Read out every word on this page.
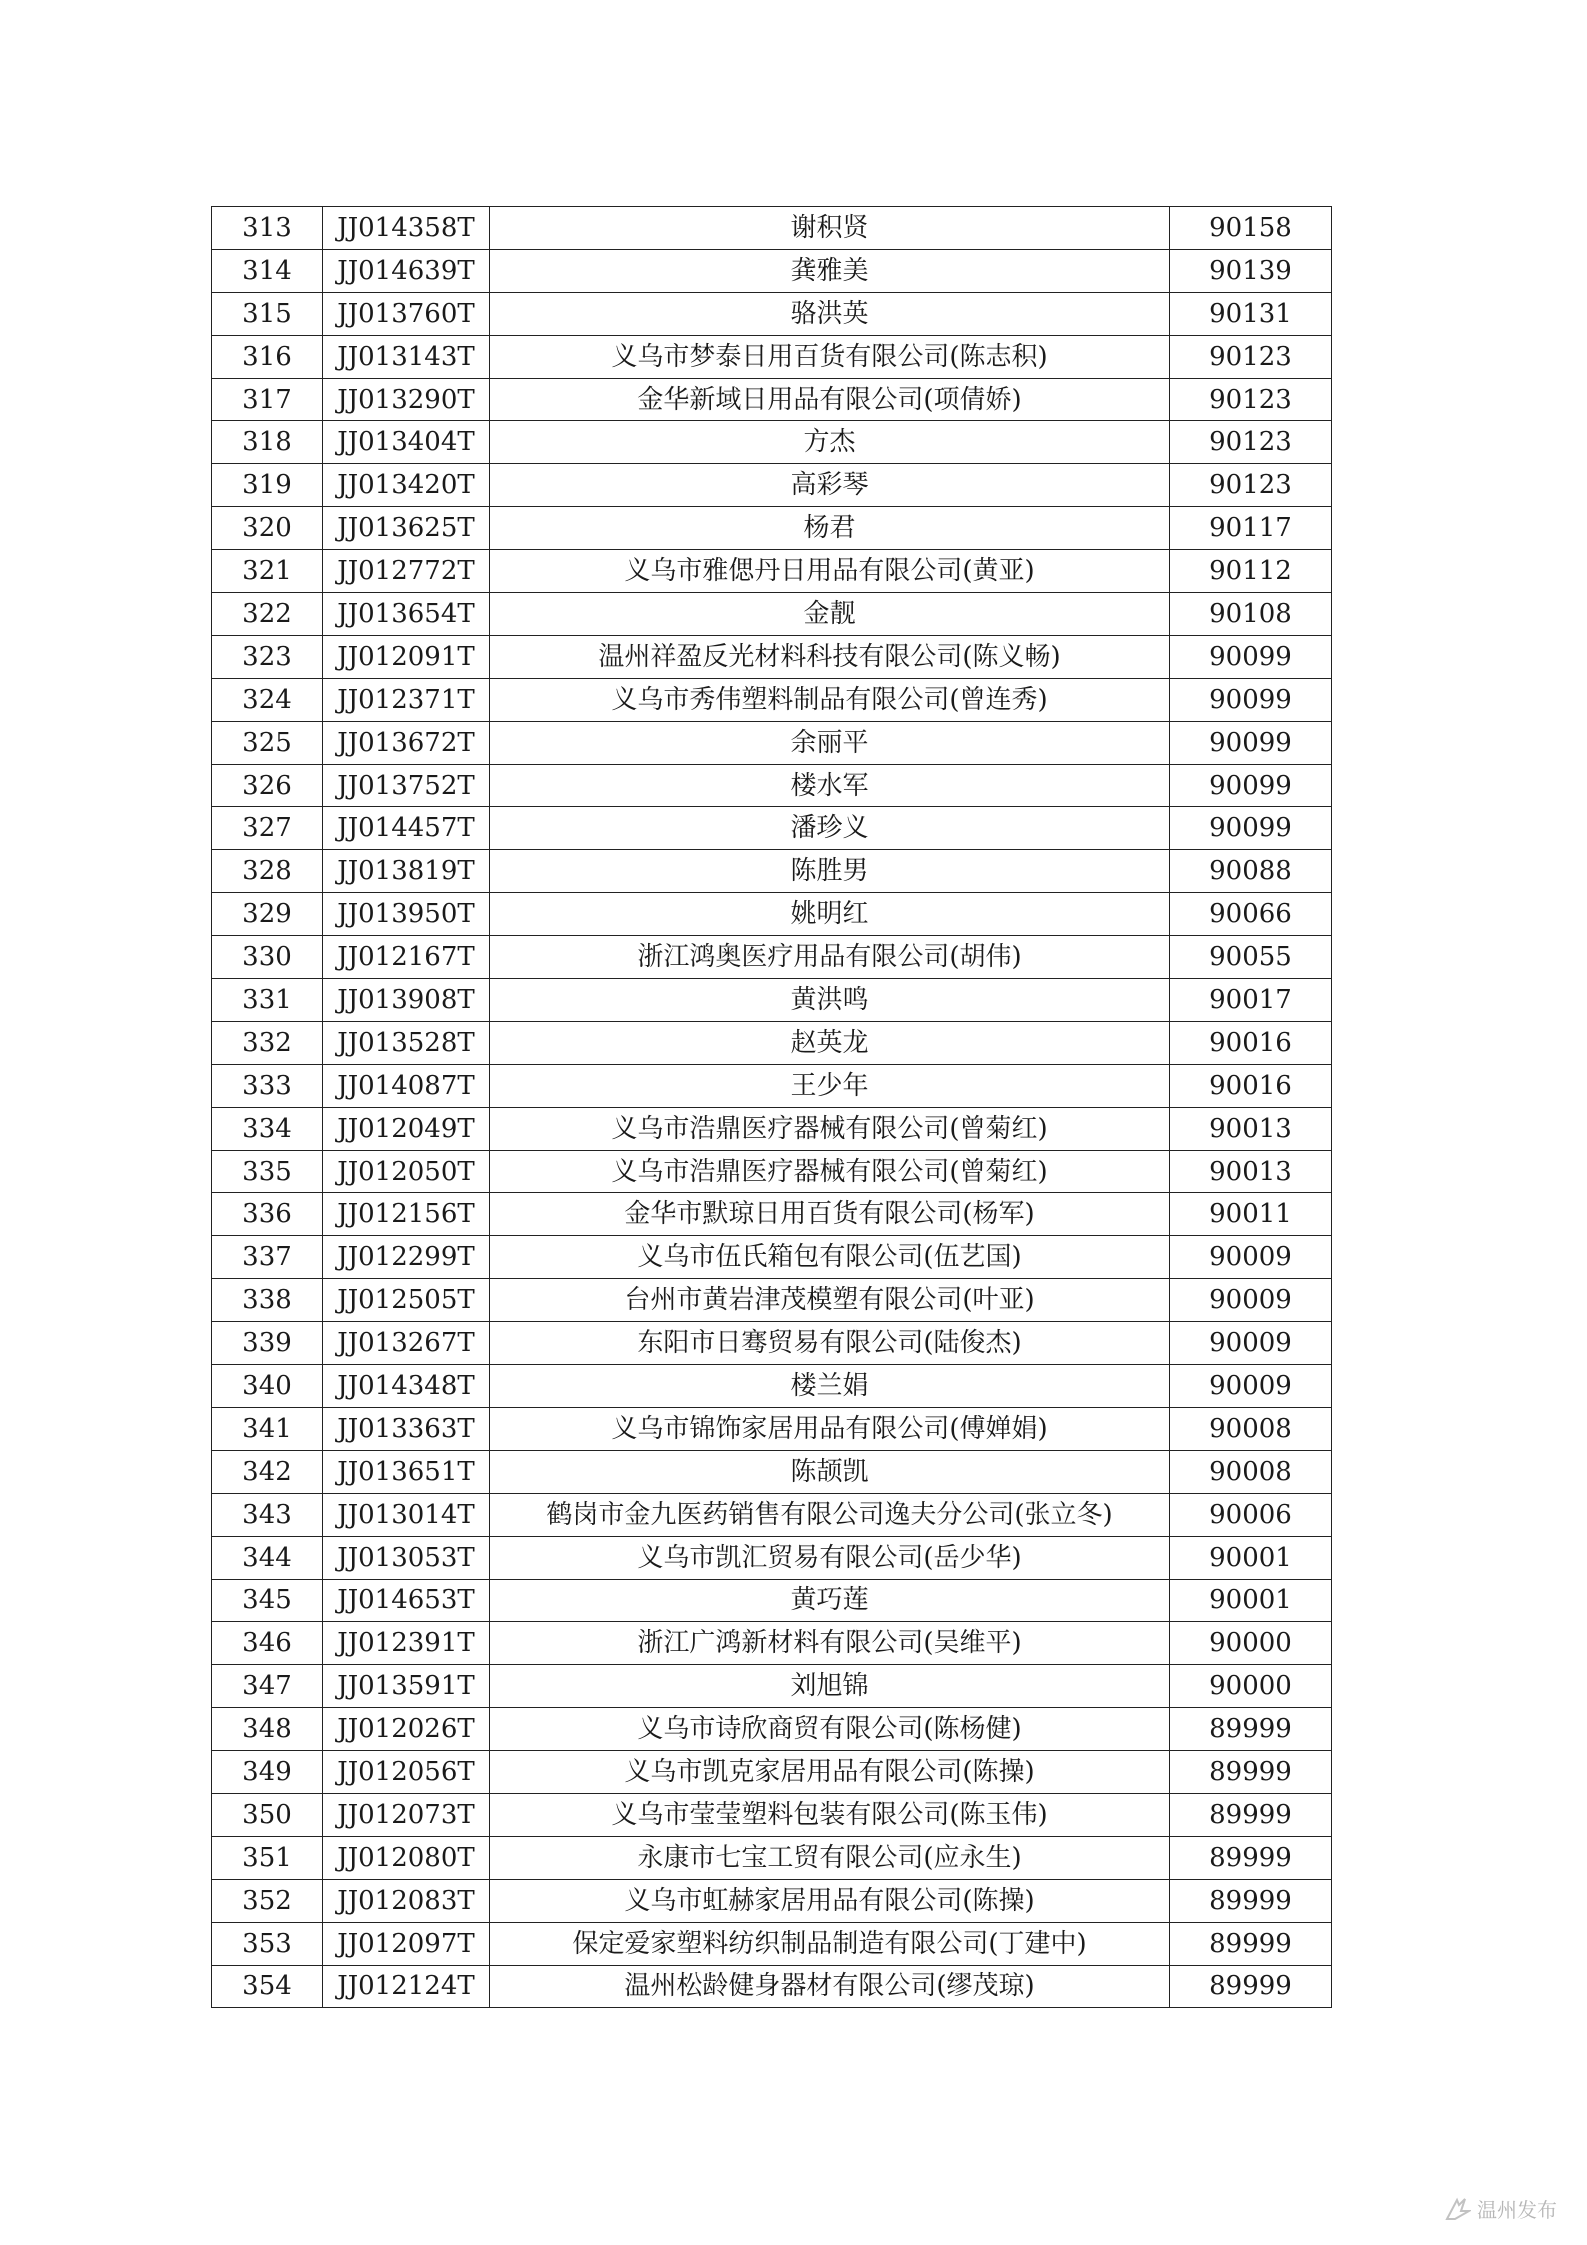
313	JJ014358T	谢积贤	90158
314	JJ014639T	龚雅美	90139
315	JJ013760T	骆洪英	90131
316	JJ013143T	义乌市梦泰日用百货有限公司(陈志积)	90123
317	JJ013290T	金华新域日用品有限公司(项倩娇)	90123
318	JJ013404T	方杰	90123
319	JJ013420T	高彩琴	90123
320	JJ013625T	杨君	90117
321	JJ012772T	义乌市雅偲丹日用品有限公司(黄亚)	90112
322	JJ013654T	金靓	90108
323	JJ012091T	温州祥盈反光材料科技有限公司(陈义畅)	90099
324	JJ012371T	义乌市秀伟塑料制品有限公司(曾连秀)	90099
325	JJ013672T	余丽平	90099
326	JJ013752T	楼水军	90099
327	JJ014457T	潘珍义	90099
328	JJ013819T	陈胜男	90088
329	JJ013950T	姚明红	90066
330	JJ012167T	浙江鸿奥医疗用品有限公司(胡伟)	90055
331	JJ013908T	黄洪鸣	90017
332	JJ013528T	赵英龙	90016
333	JJ014087T	王少年	90016
334	JJ012049T	义乌市浩鼎医疗器械有限公司(曾菊红)	90013
335	JJ012050T	义乌市浩鼎医疗器械有限公司(曾菊红)	90013
336	JJ012156T	金华市默琼日用百货有限公司(杨军)	90011
337	JJ012299T	义乌市伍氏箱包有限公司(伍艺国)	90009
338	JJ012505T	台州市黄岩津茂模塑有限公司(叶亚)	90009
339	JJ013267T	东阳市日骞贸易有限公司(陆俊杰)	90009
340	JJ014348T	楼兰娟	90009
341	JJ013363T	义乌市锦饰家居用品有限公司(傅婵娟)	90008
342	JJ013651T	陈颉凯	90008
343	JJ013014T	鹤岗市金九医药销售有限公司逸夫分公司(张立冬)	90006
344	JJ013053T	义乌市凯汇贸易有限公司(岳少华)	90001
345	JJ014653T	黄巧莲	90001
346	JJ012391T	浙江广鸿新材料有限公司(吴维平)	90000
347	JJ013591T	刘旭锦	90000
348	JJ012026T	义乌市诗欣商贸有限公司(陈杨健)	89999
349	JJ012056T	义乌市凯克家居用品有限公司(陈操)	89999
350	JJ012073T	义乌市莹莹塑料包装有限公司(陈玉伟)	89999
351	JJ012080T	永康市七宝工贸有限公司(应永生)	89999
352	JJ012083T	义乌市虹赫家居用品有限公司(陈操)	89999
353	JJ012097T	保定爱家塑料纺织制品制造有限公司(丁建中)	89999
354	JJ012124T	温州松龄健身器材有限公司(缪茂琼)	89999
温州发布
